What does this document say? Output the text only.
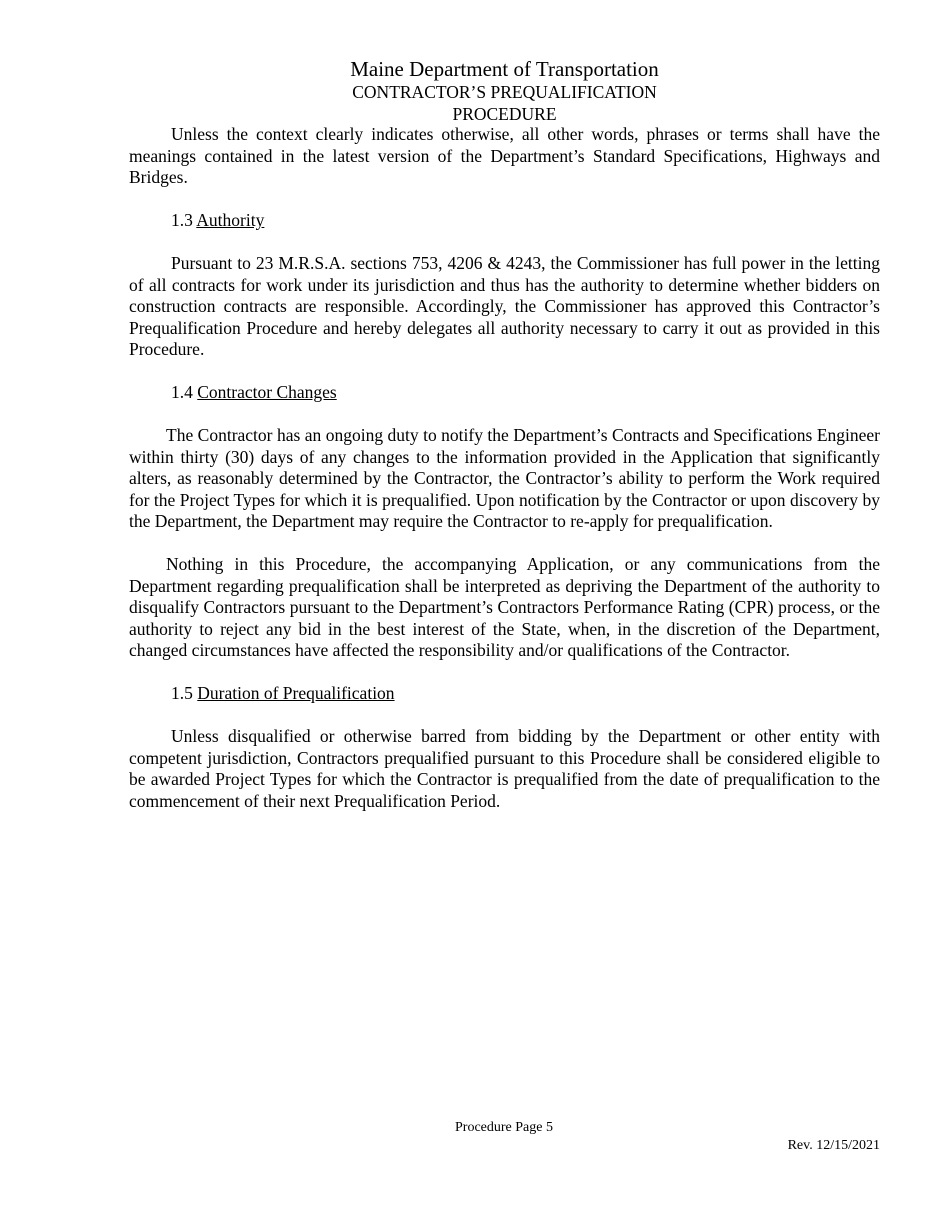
Maine Department of Transportation
CONTRACTOR’S PREQUALIFICATION
PROCEDURE

Unless the context clearly indicates otherwise, all other words, phrases or terms shall have the meanings contained in the latest version of the Department’s Standard Specifications, Highways and Bridges.

1.3 Authority

Pursuant to 23 M.R.S.A. sections 753, 4206 & 4243, the Commissioner has full power in the letting of all contracts for work under its jurisdiction and thus has the authority to determine whether bidders on construction contracts are responsible. Accordingly, the Commissioner has approved this Contractor’s Prequalification Procedure and hereby delegates all authority necessary to carry it out as provided in this Procedure.

1.4 Contractor Changes

The Contractor has an ongoing duty to notify the Department’s Contracts and Specifications Engineer within thirty (30) days of any changes to the information provided in the Application that significantly alters, as reasonably determined by the Contractor, the Contractor’s ability to perform the Work required for the Project Types for which it is prequalified. Upon notification by the Contractor or upon discovery by the Department, the Department may require the Contractor to re-apply for prequalification.

Nothing in this Procedure, the accompanying Application, or any communications from the Department regarding prequalification shall be interpreted as depriving the Department of the authority to disqualify Contractors pursuant to the Department’s Contractors Performance Rating (CPR) process, or the authority to reject any bid in the best interest of the State, when, in the discretion of the Department, changed circumstances have affected the responsibility and/or qualifications of the Contractor.

1.5 Duration of Prequalification

Unless disqualified or otherwise barred from bidding by the Department or other entity with competent jurisdiction, Contractors prequalified pursuant to this Procedure shall be considered eligible to be awarded Project Types for which the Contractor is prequalified from the date of prequalification to the commencement of their next Prequalification Period.

Procedure Page 5
Rev. 12/15/2021
